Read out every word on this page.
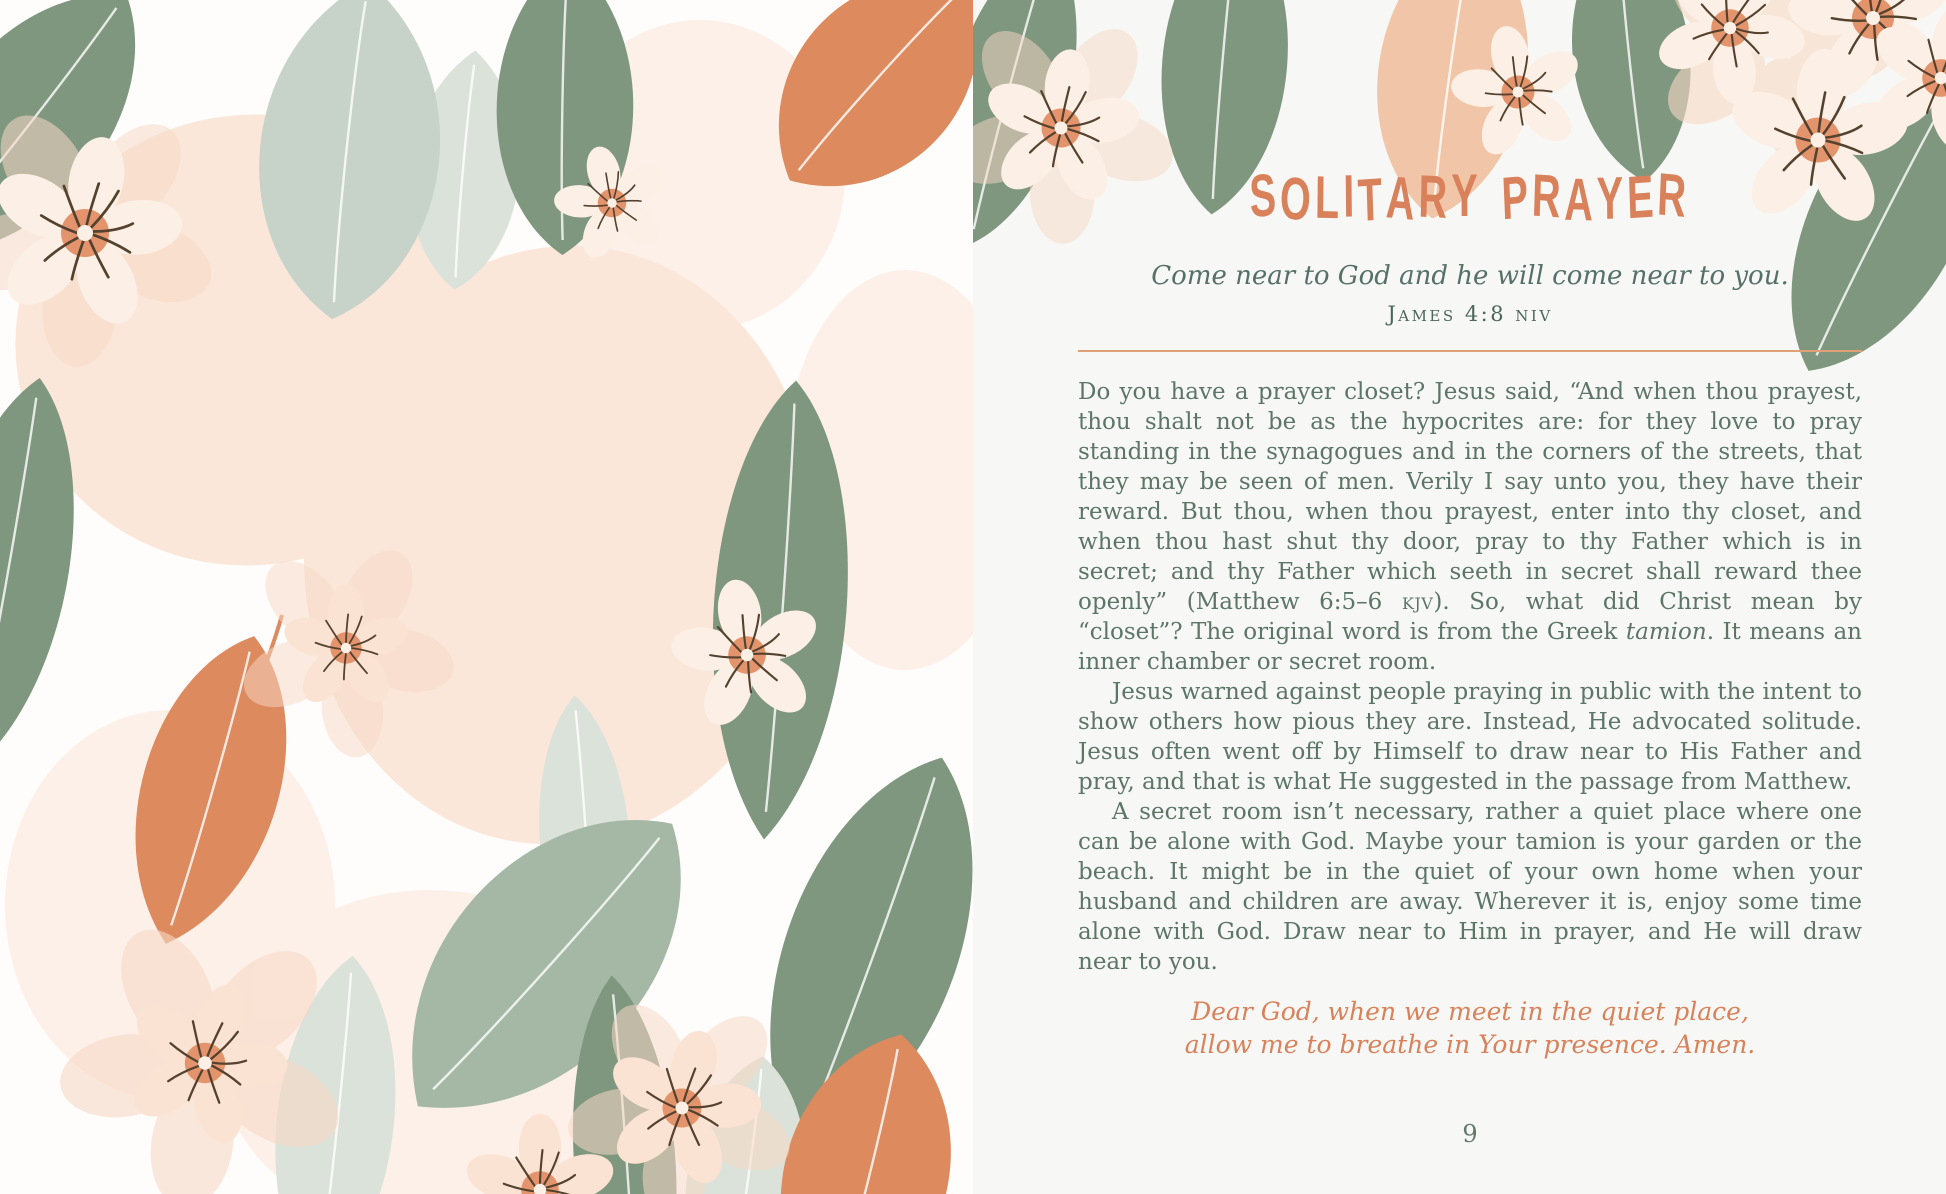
SOLITARY PRAYER

Come near to God and he will come near to you.

James 4:8 niv

Do you have a prayer closet? Jesus said, “And when thou prayest, thou shalt not be as the hypocrites are: for they love to pray standing in the synagogues and in the corners of the streets, that they may be seen of men. Verily I say unto you, they have their reward. But thou, when thou prayest, enter into thy closet, and when thou hast shut thy door, pray to thy Father which is in secret; and thy Father which seeth in secret shall reward thee openly” (Matthew 6:5–6 kjv). So, what did Christ mean by “closet”? The original word is from the Greek tamion. It means an inner chamber or secret room.

Jesus warned against people praying in public with the intent to show others how pious they are. Instead, He advocated solitude. Jesus often went off by Himself to draw near to His Father and pray, and that is what He suggested in the passage from Matthew.

A secret room isn’t necessary, rather a quiet place where one can be alone with God. Maybe your tamion is your garden or the beach. It might be in the quiet of your own home when your husband and children are away. Wherever it is, enjoy some time alone with God. Draw near to Him in prayer, and He will draw near to you.

Dear God, when we meet in the quiet place,
allow me to breathe in Your presence. Amen.

9
